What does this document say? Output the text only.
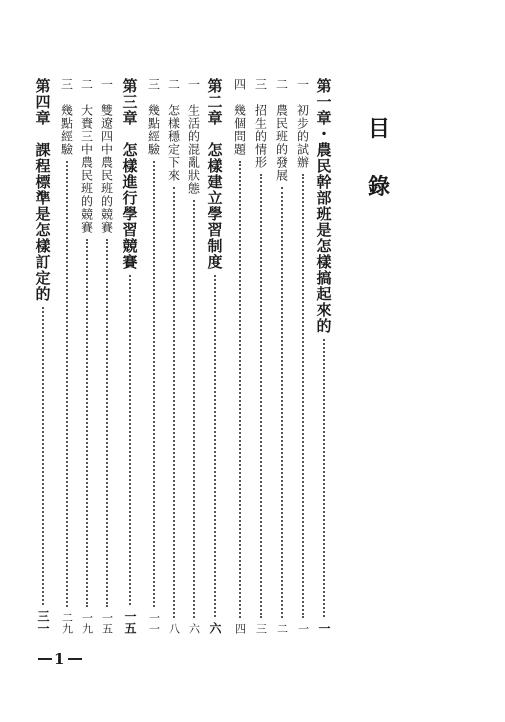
目
錄
第一章・農民幹部班是怎樣搞起來的
一
一　初步的試辦
一
二　農民班的發展
二
三　招生的情形
三
四　幾個問題
四
第二章　怎樣建立學習制度
六
一　生活的混亂狀態
六
二　怎樣穩定下來
八
三　幾點經驗
一一
第三章　怎樣進行學習競賽
一五
一　雙遼四中農民班的競賽
一五
二　大賚三中農民班的競賽
一九
三　幾點經驗
二九
第四章　課程標準是怎樣訂定的
三一
1
